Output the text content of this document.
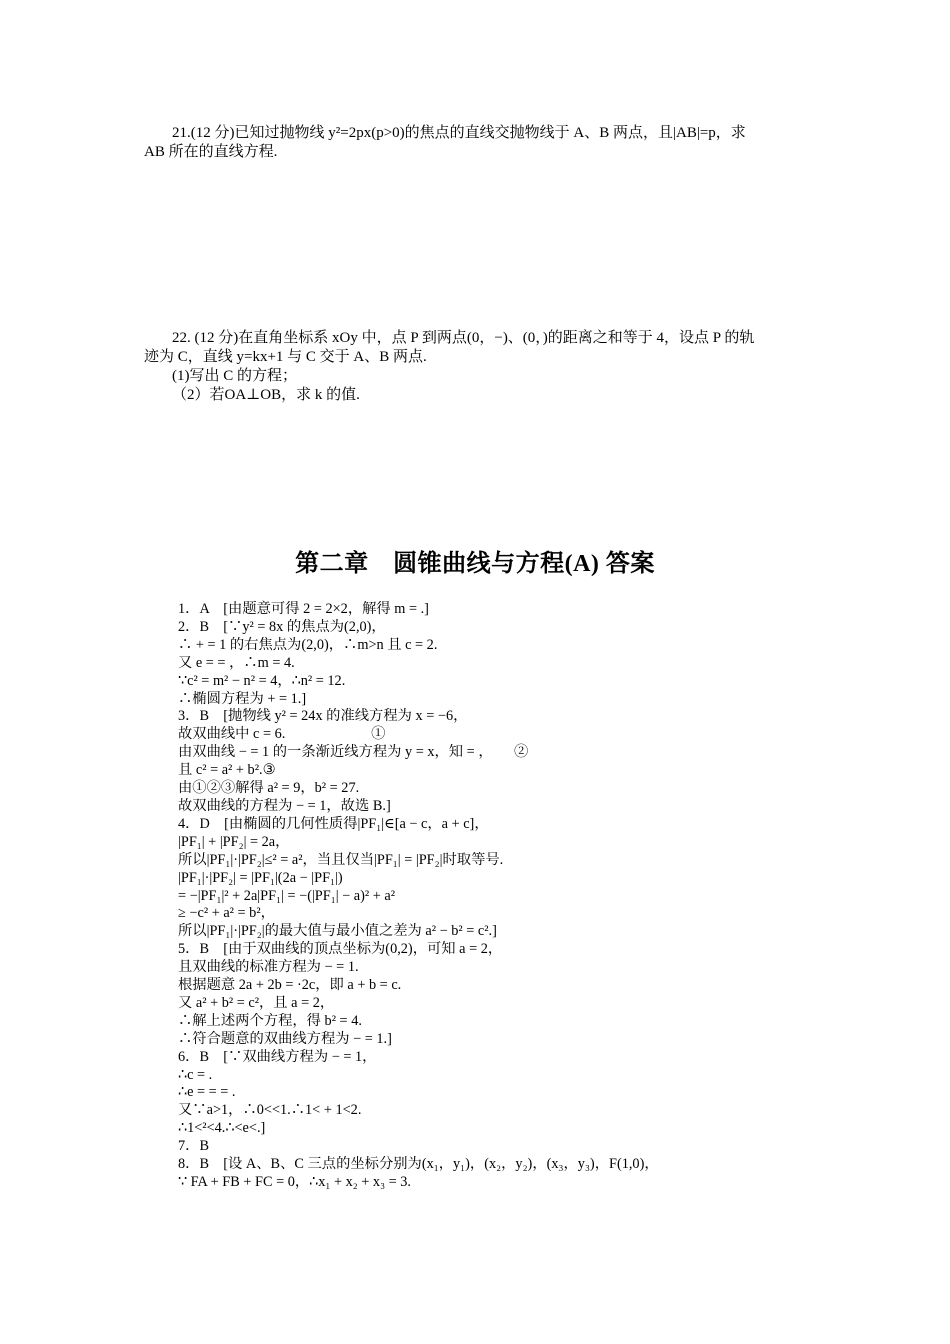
21.(12 分)已知过抛物线 y²=2px(p>0)的焦点的直线交抛物线于 A、B 两点，且|AB|=p，求

AB 所在的直线方程.

22. (12 分)在直角坐标系 xOy 中，点 P 到两点(0，−)、(0，)的距离之和等于 4，设点 P 的轨

迹为 C，直线 y=kx+1 与 C 交于 A、B 两点.

(1)写出 C 的方程；

（2）若OA⊥OB，求 k 的值.

第二章　圆锥曲线与方程(A) 答案
1．A　[由题意可得 2 = 2×2，解得 m = .]
2．B　[∵y² = 8x 的焦点为(2,0)，
∴ + = 1 的右焦点为(2,0)，∴m>n 且 c = 2.
又 e = = ，∴m = 4.
∵c² = m² − n² = 4，∴n² = 12.
∴椭圆方程为 + = 1.]
3．B　[抛物线 y² = 24x 的准线方程为 x = −6，
故双曲线中 c = 6.　　　　　　①
由双曲线 − = 1 的一条渐近线方程为 y = x，知 = ，　　②
且 c² = a² + b².③
由①②③解得 a² = 9，b² = 27.
故双曲线的方程为 − = 1，故选 B.]
4．D　[由椭圆的几何性质得|PF₁|∈[a − c，a + c]，
|PF₁| + |PF₂| = 2a，
所以|PF₁|·|PF₂|≤² = a²，当且仅当|PF₁| = |PF₂|时取等号.
|PF₁|·|PF₂| = |PF₁|(2a − |PF₁|)
= −|PF₁|² + 2a|PF₁| = −(|PF₁| − a)² + a²
≥ −c² + a² = b²，
所以|PF₁|·|PF₂|的最大值与最小值之差为 a² − b² = c².]
5．B　[由于双曲线的顶点坐标为(0,2)，可知 a = 2，
且双曲线的标准方程为 − = 1.
根据题意 2a + 2b = ·2c，即 a + b = c.
又 a² + b² = c²，且 a = 2，
∴解上述两个方程，得 b² = 4.
∴符合题意的双曲线方程为 − = 1.]
6．B　[∵双曲线方程为 − = 1，
∴c = .
∴e = = = .
又∵a>1，∴0<<1.∴1< + 1<2.
∴1<²<4.∴<e<.]
7．B
8．B　[设 A、B、C 三点的坐标分别为(x₁，y₁)，(x₂，y₂)，(x₃，y₃)，F(1,0)，
∵ FA + FB + FC = 0，∴x₁ + x₂ + x₃ = 3.
